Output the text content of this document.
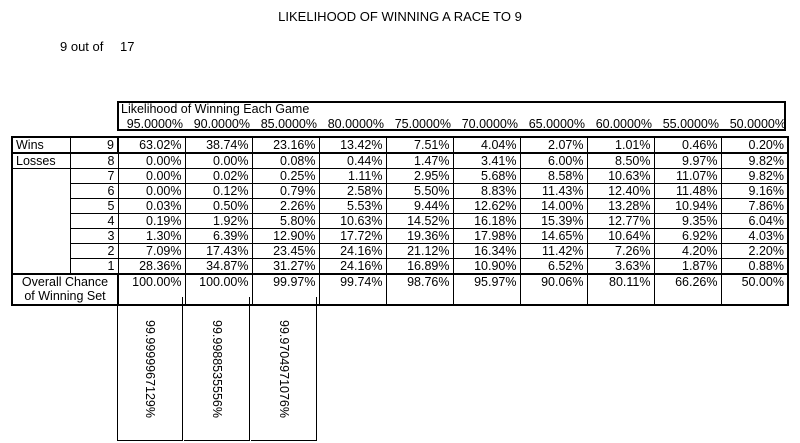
LIKELIHOOD OF WINNING A RACE TO 9
9 out of 17
Likelihood of Winning Each Game
95.0000% 90.0000% 85.0000% 80.0000% 75.0000% 70.0000% 65.0000% 60.0000% 55.0000% 50.0000%
Wins	9	63.02%	38.74%	23.16%	13.42%	7.51%	4.04%	2.07%	1.01%	0.46%	0.20%
Losses	8	0.00%	0.00%	0.08%	0.44%	1.47%	3.41%	6.00%	8.50%	9.97%	9.82%
	7	0.00%	0.02%	0.25%	1.11%	2.95%	5.68%	8.58%	10.63%	11.07%	9.82%
	6	0.00%	0.12%	0.79%	2.58%	5.50%	8.83%	11.43%	12.40%	11.48%	9.16%
	5	0.03%	0.50%	2.26%	5.53%	9.44%	12.62%	14.00%	13.28%	10.94%	7.86%
	4	0.19%	1.92%	5.80%	10.63%	14.52%	16.18%	15.39%	12.77%	9.35%	6.04%
	3	1.30%	6.39%	12.90%	17.72%	19.36%	17.98%	14.65%	10.64%	6.92%	4.03%
	2	7.09%	17.43%	23.45%	24.16%	21.12%	16.34%	11.42%	7.26%	4.20%	2.20%
	1	28.36%	34.87%	31.27%	24.16%	16.89%	10.90%	6.52%	3.63%	1.87%	0.88%
Overall Chance of Winning Set		100.00%	100.00%	99.97%	99.74%	98.76%	95.97%	90.06%	80.11%	66.26%	50.00%
99.9999967129%	99.9988535556%	99.9704971076%
